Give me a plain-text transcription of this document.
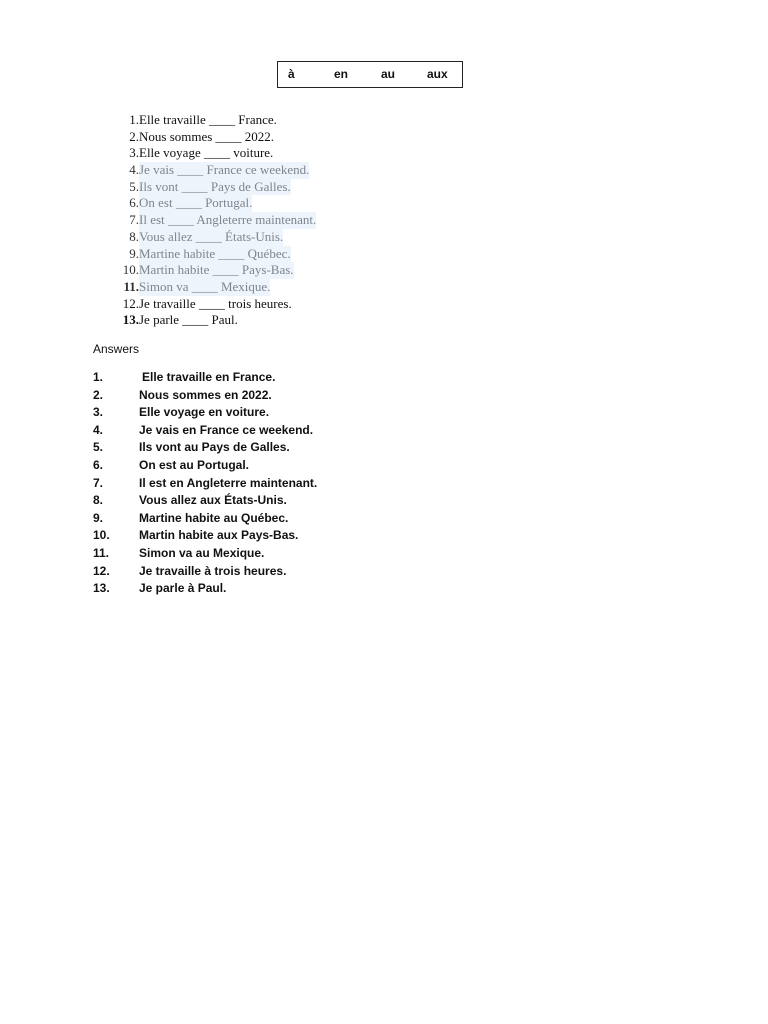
à	en	au	aux
1. Elle travaille ____ France.
2. Nous sommes ____ 2022.
3. Elle voyage ____ voiture.
4. Je vais ____ France ce weekend.
5. Ils vont ____ Pays de Galles.
6. On est ____ Portugal.
7. Il est ____ Angleterre maintenant.
8. Vous allez ____ États-Unis.
9. Martine habite ____ Québec.
10. Martin habite ____ Pays-Bas.
11. Simon va ____ Mexique.
12. Je travaille ____ trois heures.
13. Je parle ____ Paul.
Answers
1.	Elle travaille en France.
2.	Nous sommes en 2022.
3.	Elle voyage en voiture.
4.	Je vais en France ce weekend.
5.	Ils vont au Pays de Galles.
6.	On est au Portugal.
7.	Il est en Angleterre maintenant.
8.	Vous allez aux États-Unis.
9.	Martine habite au Québec.
10. Martin habite aux Pays-Bas.
11. Simon va au Mexique.
12. Je travaille à trois heures.
13. Je parle à Paul.
